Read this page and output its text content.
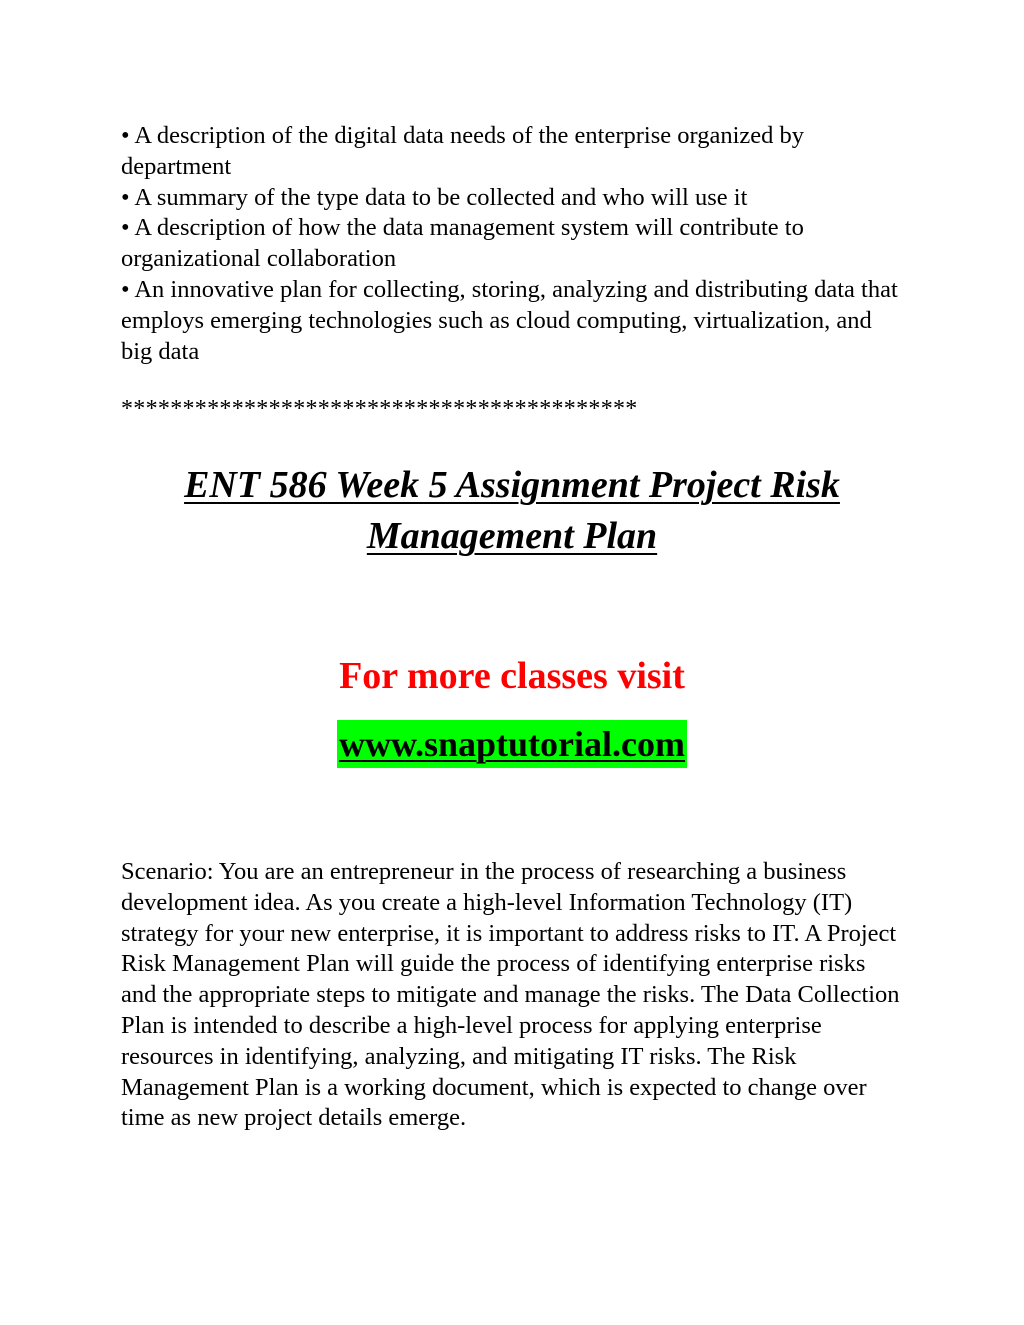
• A description of the digital data needs of the enterprise organized by department

• A summary of the type data to be collected and who will use it

• A description of how the data management system will contribute to organizational collaboration

• An innovative plan for collecting, storing, analyzing and distributing data that employs emerging technologies such as cloud computing, virtualization, and big data

******************************************
ENT 586 Week 5 Assignment Project Risk
Management Plan
For more classes visit
www.snaptutorial.com

Scenario: You are an entrepreneur in the process of researching a business development idea. As you create a high-level Information Technology (IT) strategy for your new enterprise, it is important to address risks to IT. A Project Risk Management Plan will guide the process of identifying enterprise risks and the appropriate steps to mitigate and manage the risks. The Data Collection Plan is intended to describe a high-level process for applying enterprise resources in identifying, analyzing, and mitigating IT risks. The Risk Management Plan is a working document, which is expected to change over time as new project details emerge.
